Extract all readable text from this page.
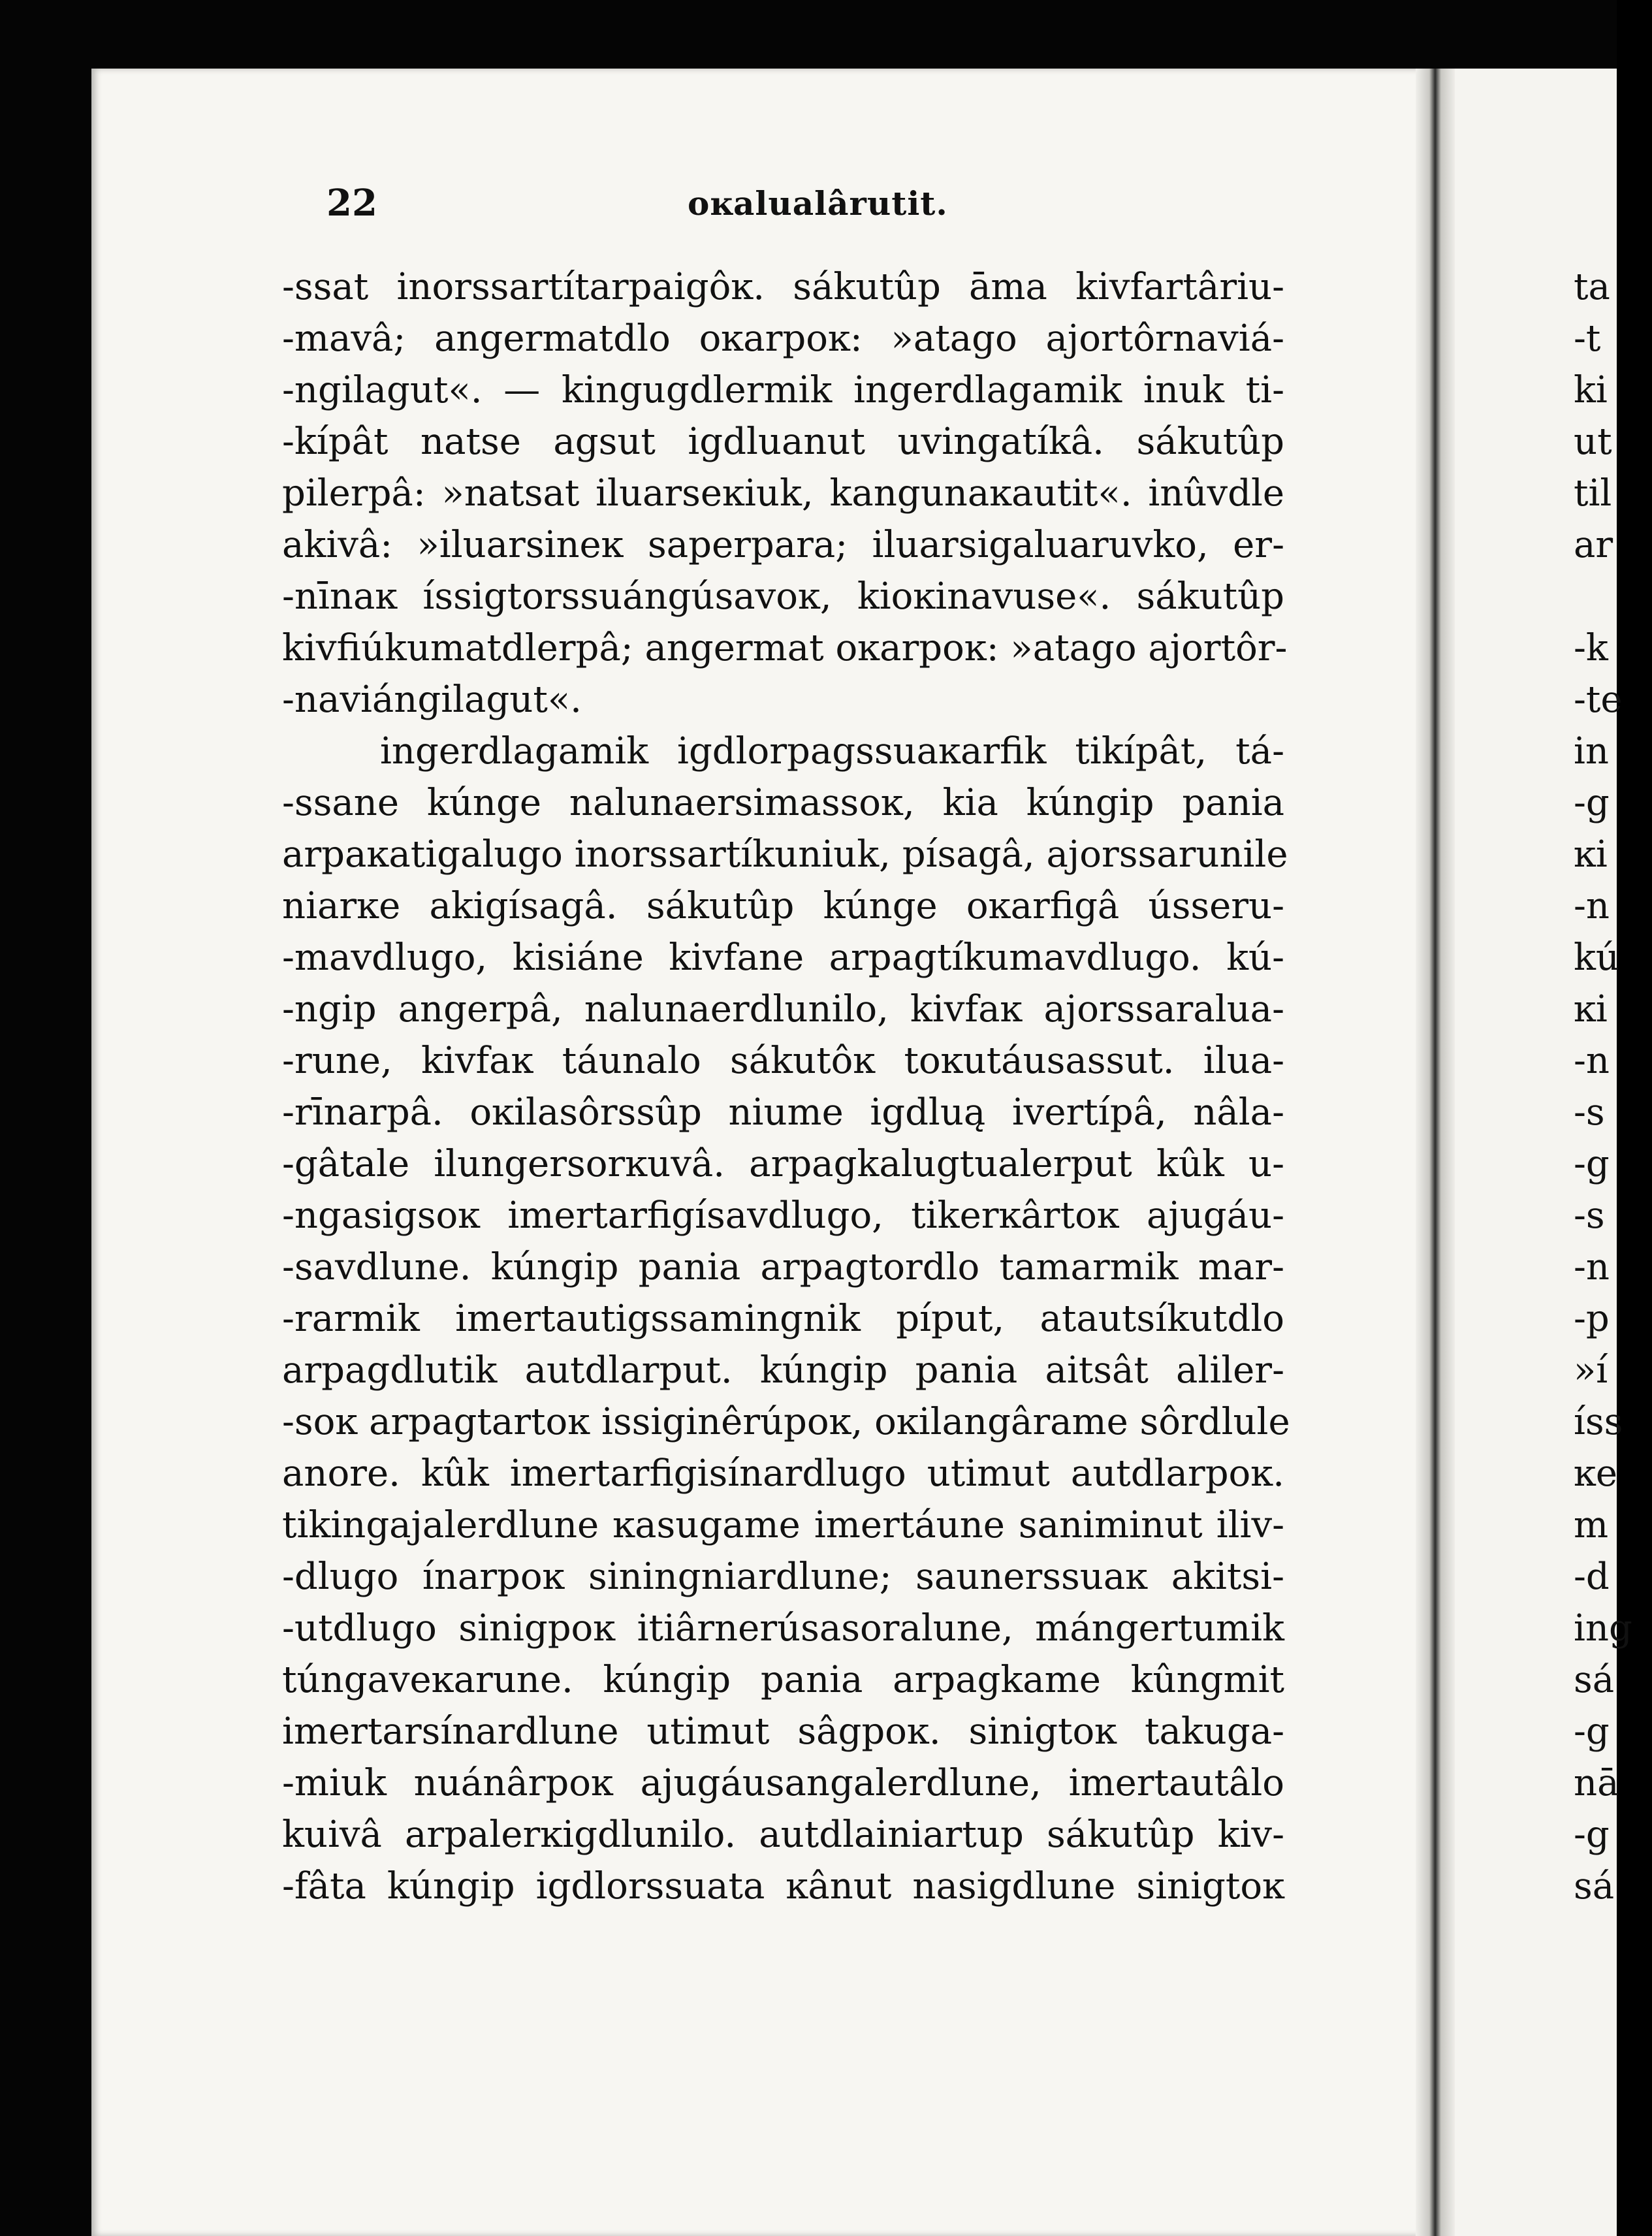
22	oĸalualârutit.
-ssat inorssartítarpaigôĸ. sákutûp āma kivfartâriu-
-mavâ; angermatdlo oĸarpoĸ: »atago ajortôrnaviá-
-ngilagut«. — kingugdlermik ingerdlagamik inuk ti-
-kípât natse agsut igdluanut uvingatíkâ. sákutûp
pilerpâ: »natsat iluarseĸiuk, kangunaĸautit«. inûvdle
akivâ: »iluarsineĸ saperpara; iluarsigaluaruvko, er-
-nīnaĸ íssigtorssuángúsavoĸ, kioĸinavuse«. sákutûp
kivfiúkumatdlerpâ; angermat oĸarpoĸ: »atago ajortôr-
-naviángilagut«.
ingerdlagamik igdlorpagssuaĸarfik tikípât, tá-
-ssane kúnge nalunaersimassoĸ, kia kúngip pania
arpaĸatigalugo inorssartíkuniuk, písagâ, ajorssarunile
niarĸe akigísagâ. sákutûp kúnge oĸarfigâ ússeru-
-mavdlugo, kisiáne kivfane arpagtíkumavdlugo. kú-
-ngip angerpâ, nalunaerdlunilo, kivfaĸ ajorssaralua-
-rune, kivfaĸ táunalo sákutôĸ toĸutáusassut. ilua-
-rīnarpâ. oĸilasôrssûp niume igdluą ivertípâ, nâla-
-gâtale ilungersorĸuvâ. arpagkalugtualerput kûk u-
-ngasigsoĸ imertarfigísavdlugo, tikerĸârtoĸ ajugáu-
-savdlune. kúngip pania arpagtordlo tamarmik mar-
-rarmik imertautigssamingnik píput, atautsíkutdlo
arpagdlutik autdlarput. kúngip pania aitsât aliler-
-soĸ arpagtartoĸ issiginêrúpoĸ, oĸilangârame sôrdlule
anore. kûk imertarfigisínardlugo utimut autdlarpoĸ.
tikingajalerdlune ĸasugame imertáune saniminut iliv-
-dlugo ínarpoĸ siningniardlune; saunerssuaĸ akitsi-
-utdlugo sinigpoĸ itiârnerúsasoralune, mángertumik
túngaveĸarune. kúngip pania arpagkame kûngmit
imertarsínardlune utimut sâgpoĸ. sinigtoĸ takuga-
-miuk nuánârpoĸ ajugáusangalerdlune, imertautâlo
kuivâ arpalerĸigdlunilo. autdlainiartup sákutûp kiv-
-fâta kúngip igdlorssuata ĸânut nasigdlune sinigtoĸ
ta
-t
ki
ut
til
ar
-k
-te
in
-g
ĸi
-n
kú
ĸi
-n
-s
-g
-s
-n
-p
»í
íss
ĸe
m
-d
ing
sá
-g
nā
-g
sá
